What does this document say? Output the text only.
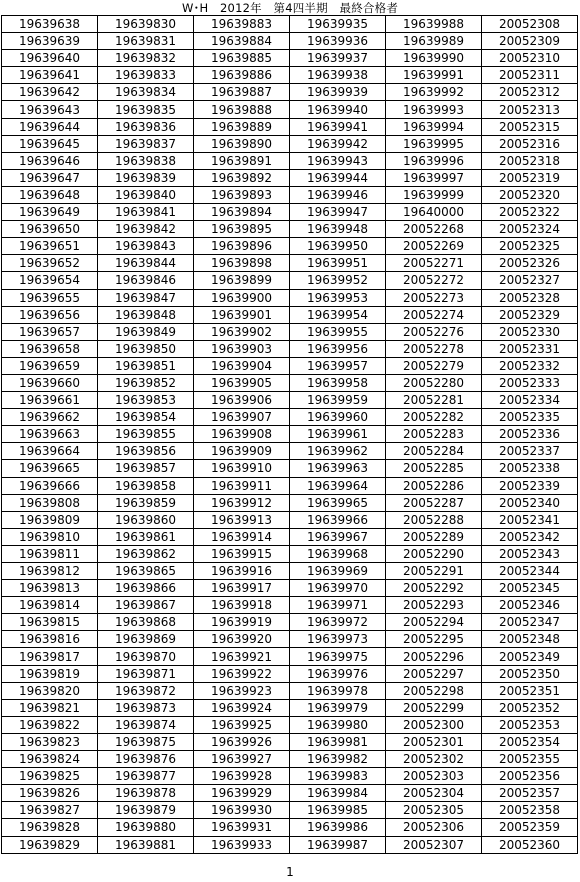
W･H　2012年　第4四半期　最終合格者
19639638	19639830	19639883	19639935	19639988	20052308
19639639	19639831	19639884	19639936	19639989	20052309
19639640	19639832	19639885	19639937	19639990	20052310
19639641	19639833	19639886	19639938	19639991	20052311
19639642	19639834	19639887	19639939	19639992	20052312
19639643	19639835	19639888	19639940	19639993	20052313
19639644	19639836	19639889	19639941	19639994	20052315
19639645	19639837	19639890	19639942	19639995	20052316
19639646	19639838	19639891	19639943	19639996	20052318
19639647	19639839	19639892	19639944	19639997	20052319
19639648	19639840	19639893	19639946	19639999	20052320
19639649	19639841	19639894	19639947	19640000	20052322
19639650	19639842	19639895	19639948	20052268	20052324
19639651	19639843	19639896	19639950	20052269	20052325
19639652	19639844	19639898	19639951	20052271	20052326
19639654	19639846	19639899	19639952	20052272	20052327
19639655	19639847	19639900	19639953	20052273	20052328
19639656	19639848	19639901	19639954	20052274	20052329
19639657	19639849	19639902	19639955	20052276	20052330
19639658	19639850	19639903	19639956	20052278	20052331
19639659	19639851	19639904	19639957	20052279	20052332
19639660	19639852	19639905	19639958	20052280	20052333
19639661	19639853	19639906	19639959	20052281	20052334
19639662	19639854	19639907	19639960	20052282	20052335
19639663	19639855	19639908	19639961	20052283	20052336
19639664	19639856	19639909	19639962	20052284	20052337
19639665	19639857	19639910	19639963	20052285	20052338
19639666	19639858	19639911	19639964	20052286	20052339
19639808	19639859	19639912	19639965	20052287	20052340
19639809	19639860	19639913	19639966	20052288	20052341
19639810	19639861	19639914	19639967	20052289	20052342
19639811	19639862	19639915	19639968	20052290	20052343
19639812	19639865	19639916	19639969	20052291	20052344
19639813	19639866	19639917	19639970	20052292	20052345
19639814	19639867	19639918	19639971	20052293	20052346
19639815	19639868	19639919	19639972	20052294	20052347
19639816	19639869	19639920	19639973	20052295	20052348
19639817	19639870	19639921	19639975	20052296	20052349
19639819	19639871	19639922	19639976	20052297	20052350
19639820	19639872	19639923	19639978	20052298	20052351
19639821	19639873	19639924	19639979	20052299	20052352
19639822	19639874	19639925	19639980	20052300	20052353
19639823	19639875	19639926	19639981	20052301	20052354
19639824	19639876	19639927	19639982	20052302	20052355
19639825	19639877	19639928	19639983	20052303	20052356
19639826	19639878	19639929	19639984	20052304	20052357
19639827	19639879	19639930	19639985	20052305	20052358
19639828	19639880	19639931	19639986	20052306	20052359
19639829	19639881	19639933	19639987	20052307	20052360
1
